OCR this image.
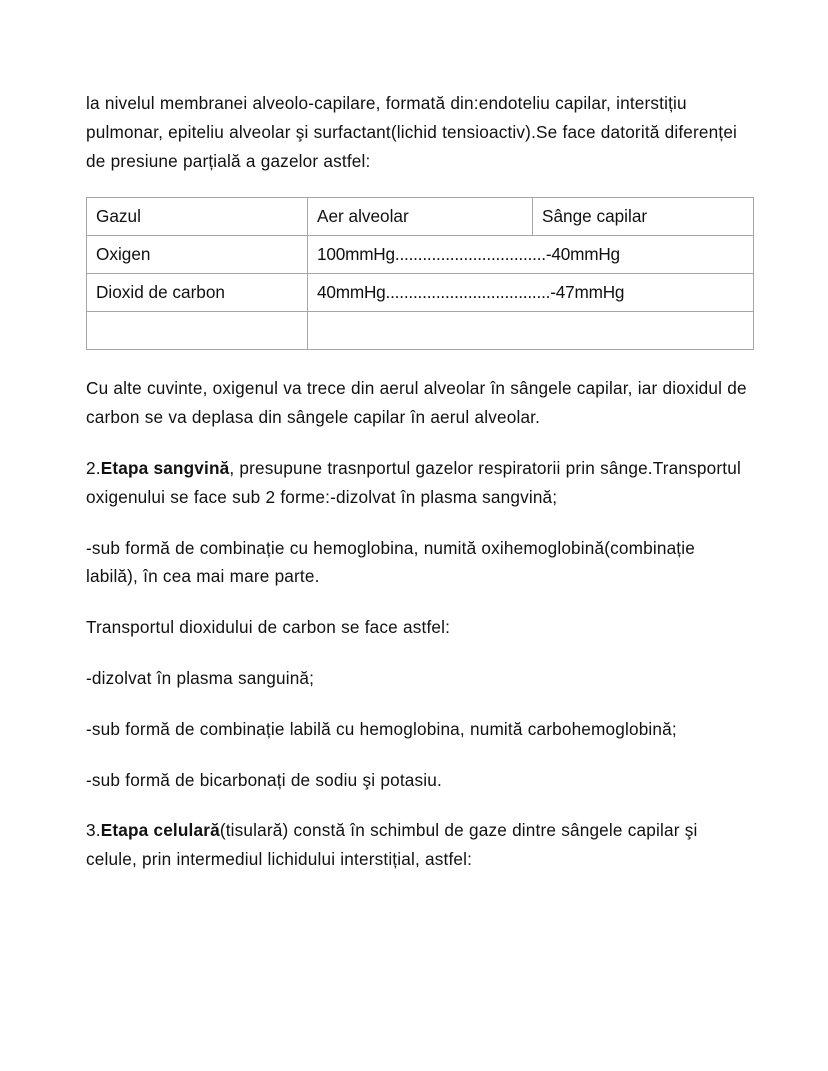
la nivelul membranei alveolo-capilare, formată din:endoteliu capilar, interstițiu pulmonar, epiteliu alveolar şi surfactant(lichid tensioactiv).Se face datorită diferenței de presiune parțială a gazelor astfel:

Gazul	Aer alveolar	Sânge capilar
Oxigen	100mmHg.................................-40mmHg	
Dioxid de carbon	40mmHg....................................-47mmHg	

Cu alte cuvinte, oxigenul va trece din aerul alveolar în sângele capilar, iar dioxidul de carbon se va deplasa din sângele capilar în aerul alveolar.

2.Etapa sangvină, presupune trasnportul gazelor respiratorii prin sânge.Transportul oxigenului se face sub 2 forme:-dizolvat în plasma sangvină;

-sub formă de combinație cu hemoglobina, numită oxihemoglobină(combinație labilă), în cea mai mare parte.

Transportul dioxidului de carbon se face astfel:

-dizolvat în plasma sanguină;

-sub formă de combinație labilă cu hemoglobina, numită carbohemoglobină;

-sub formă de bicarbonați de sodiu şi potasiu.

3.Etapa celulară(tisulară) constă în schimbul de gaze dintre sângele capilar şi celule, prin intermediul lichidului interstițial, astfel:
